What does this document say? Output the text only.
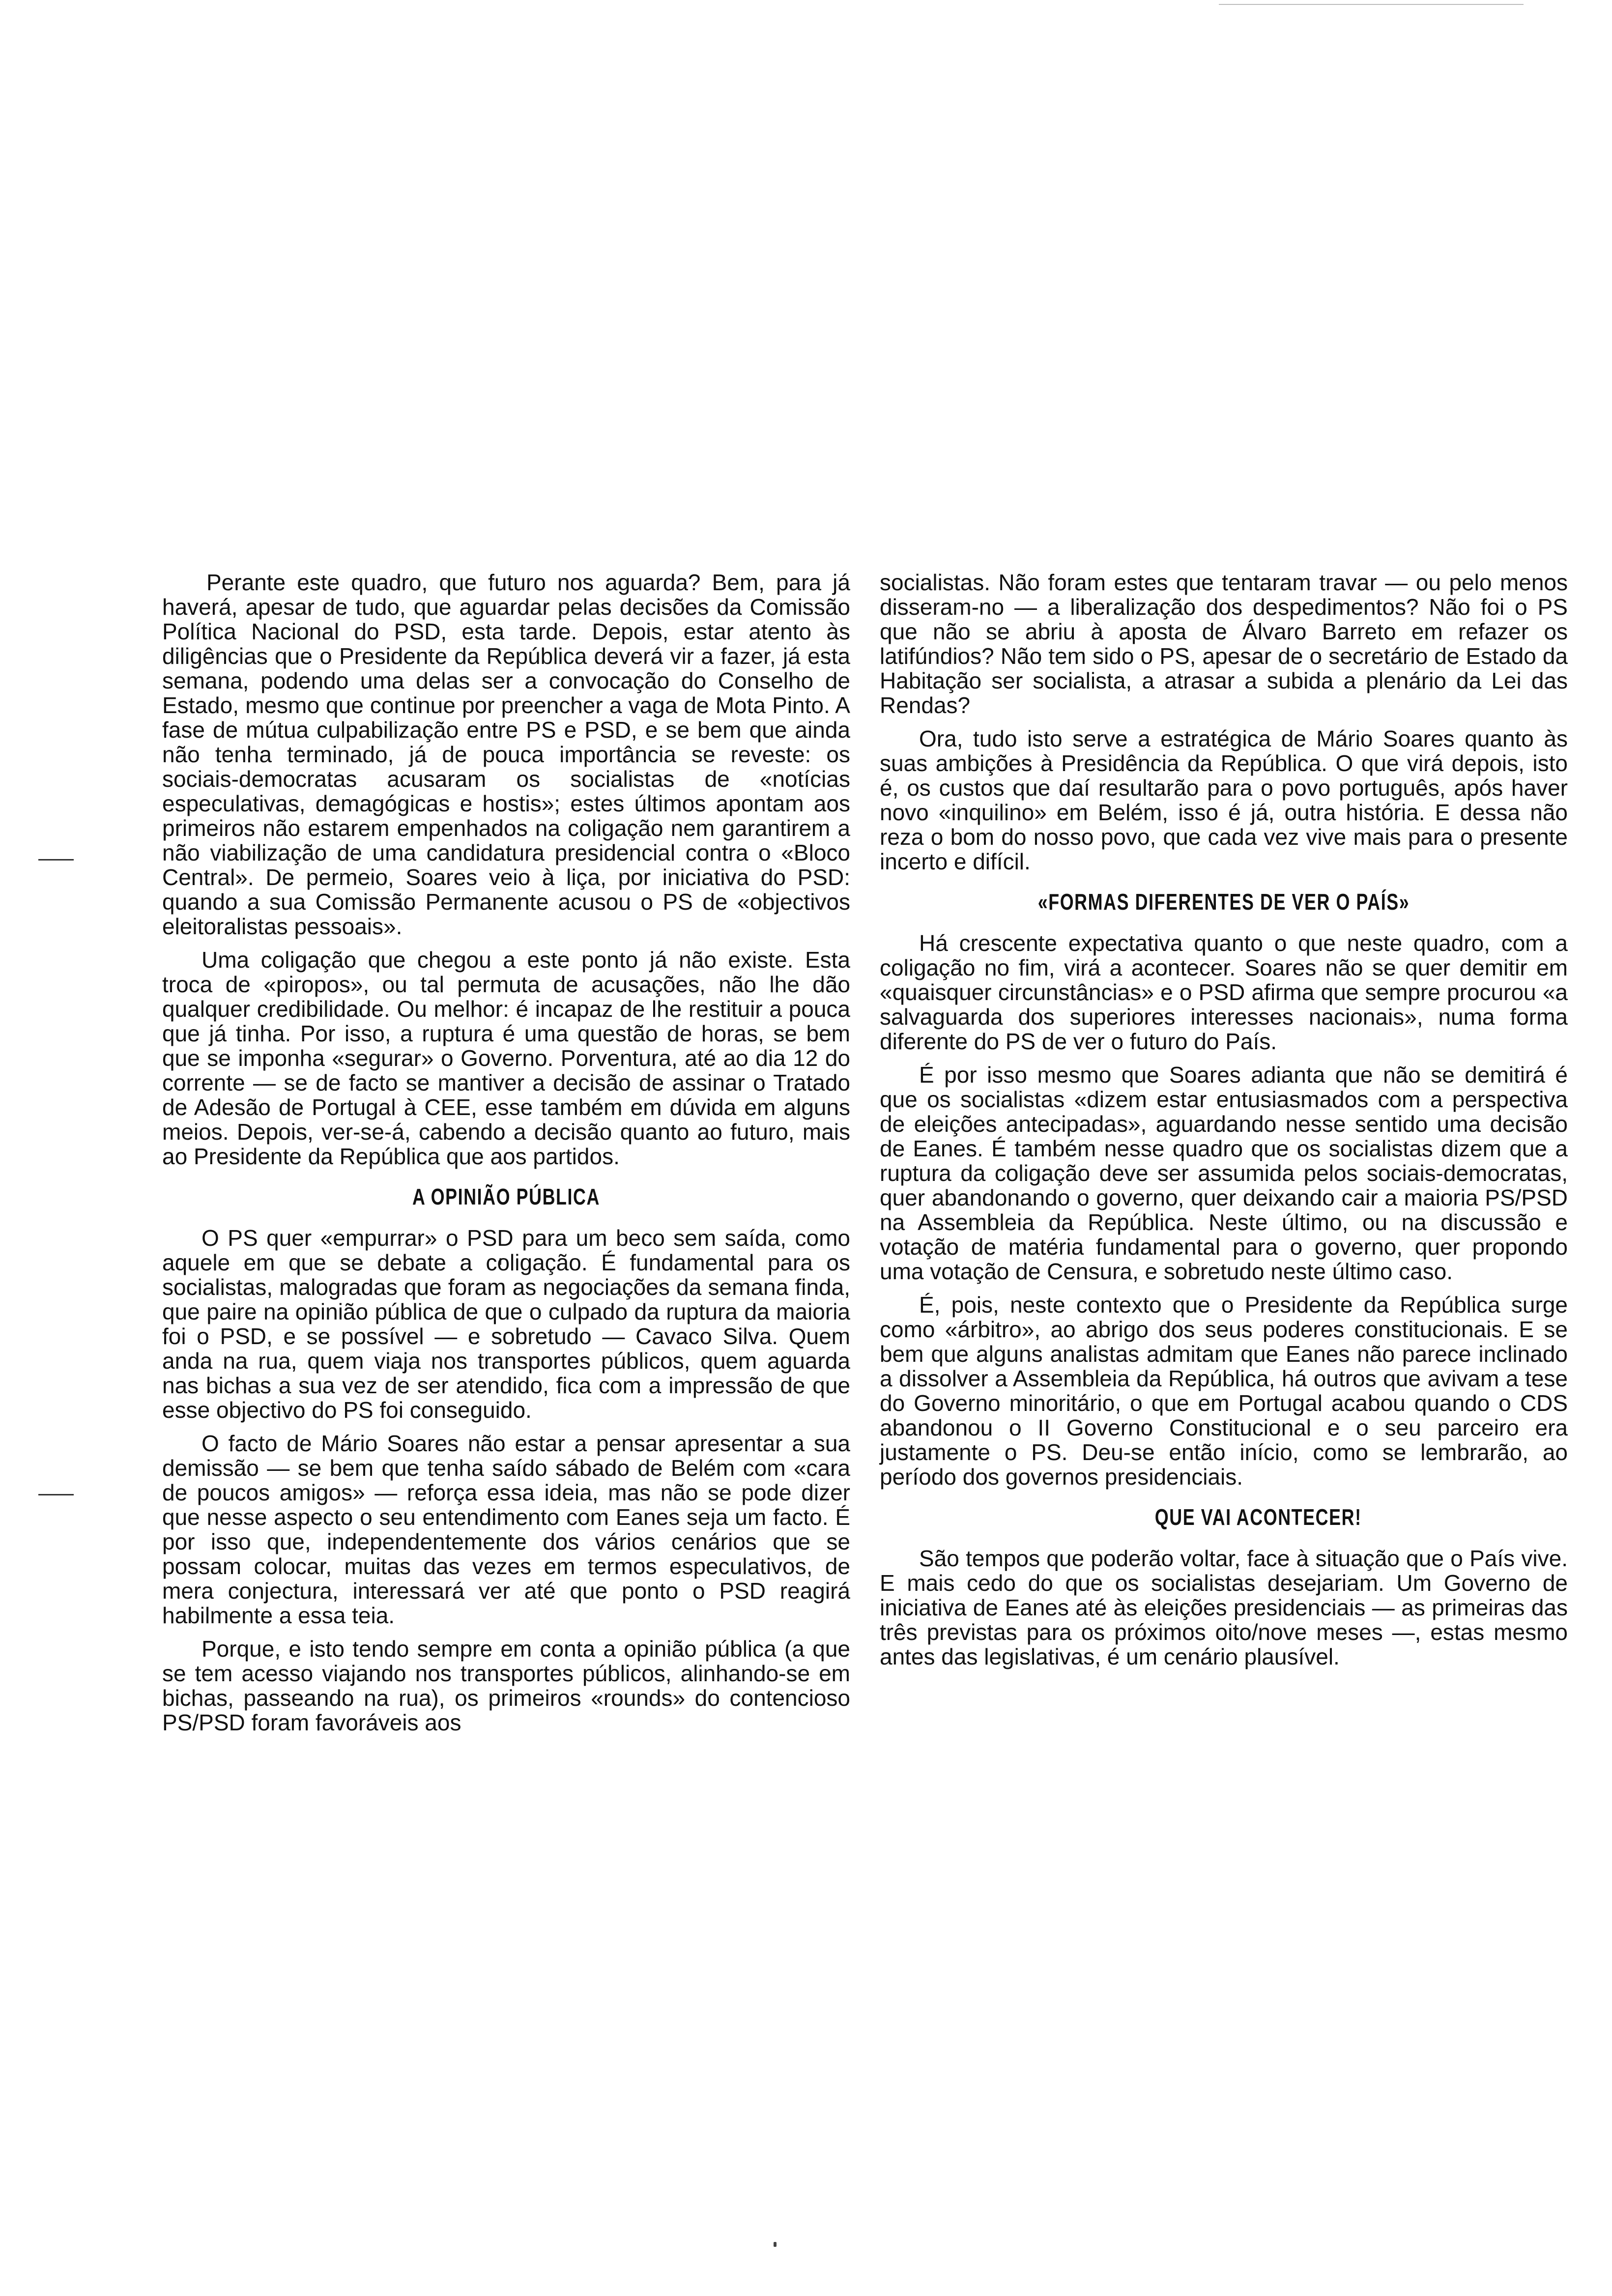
Perante este quadro, que futuro nos aguarda? Bem, para já haverá, apesar de tudo, que aguardar pelas decisões da Comissão Política Nacional do PSD, esta tarde. Depois, estar atento às diligências que o Presidente da República deverá vir a fazer, já esta semana, podendo uma delas ser a convocação do Conselho de Estado, mesmo que continue por preencher a vaga de Mota Pinto. A fase de mútua culpabilização entre PS e PSD, e se bem que ainda não tenha terminado, já de pouca importância se reveste: os sociais-democratas acusaram os socialistas de «notícias especulativas, demagógicas e hostis»; estes últimos apontam aos primeiros não estarem empenhados na coligação nem garantirem a não viabilização de uma candidatura presidencial contra o «Bloco Central». De permeio, Soares veio à liça, por iniciativa do PSD: quando a sua Comissão Permanente acusou o PS de «objectivos eleitoralistas pessoais».

Uma coligação que chegou a este ponto já não existe. Esta troca de «piropos», ou tal permuta de acusações, não lhe dão qualquer credibilidade. Ou melhor: é incapaz de lhe restituir a pouca que já tinha. Por isso, a ruptura é uma questão de horas, se bem que se imponha «segurar» o Governo. Porventura, até ao dia 12 do corrente — se de facto se mantiver a decisão de assinar o Tratado de Adesão de Portugal à CEE, esse também em dúvida em alguns meios. Depois, ver-se-á, cabendo a decisão quanto ao futuro, mais ao Presidente da República que aos partidos.

A OPINIÃO PÚBLICA

O PS quer «empurrar» o PSD para um beco sem saída, como aquele em que se debate a coligação. É fundamental para os socialistas, malogradas que foram as negociações da semana finda, que paire na opinião pública de que o culpado da ruptura da maioria foi o PSD, e se possível — e sobretudo — Cavaco Silva. Quem anda na rua, quem viaja nos transportes públicos, quem aguarda nas bichas a sua vez de ser atendido, fica com a impressão de que esse objectivo do PS foi conseguido.

O facto de Mário Soares não estar a pensar apresentar a sua demissão — se bem que tenha saído sábado de Belém com «cara de poucos amigos» — reforça essa ideia, mas não se pode dizer que nesse aspecto o seu entendimento com Eanes seja um facto. É por isso que, independentemente dos vários cenários que se possam colocar, muitas das vezes em termos especulativos, de mera conjectura, interessará ver até que ponto o PSD reagirá habilmente a essa teia.

Porque, e isto tendo sempre em conta a opinião pública (a que se tem acesso viajando nos transportes públicos, alinhando-se em bichas, passeando na rua), os primeiros «rounds» do contencioso PS/PSD foram favoráveis aos

socialistas. Não foram estes que tentaram travar — ou pelo menos disseram-no — a liberalização dos despedimentos? Não foi o PS que não se abriu à aposta de Álvaro Barreto em refazer os latifúndios? Não tem sido o PS, apesar de o secretário de Estado da Habitação ser socialista, a atrasar a subida a plenário da Lei das Rendas?

Ora, tudo isto serve a estratégica de Mário Soares quanto às suas ambições à Presidência da República. O que virá depois, isto é, os custos que daí resultarão para o povo português, após haver novo «inquilino» em Belém, isso é já, outra história. E dessa não reza o bom do nosso povo, que cada vez vive mais para o presente incerto e difícil.

«FORMAS DIFERENTES DE VER O PAÍS»

Há crescente expectativa quanto o que neste quadro, com a coligação no fim, virá a acontecer. Soares não se quer demitir em «quaisquer circunstâncias» e o PSD afirma que sempre procurou «a salvaguarda dos superiores interesses nacionais», numa forma diferente do PS de ver o futuro do País.

É por isso mesmo que Soares adianta que não se demitirá é que os socialistas «dizem estar entusiasmados com a perspectiva de eleições antecipadas», aguardando nesse sentido uma decisão de Eanes. É também nesse quadro que os socialistas dizem que a ruptura da coligação deve ser assumida pelos sociais-democratas, quer abandonando o governo, quer deixando cair a maioria PS/PSD na Assembleia da República. Neste último, ou na discussão e votação de matéria fundamental para o governo, quer propondo uma votação de Censura, e sobretudo neste último caso.

É, pois, neste contexto que o Presidente da República surge como «árbitro», ao abrigo dos seus poderes constitucionais. E se bem que alguns analistas admitam que Eanes não parece inclinado a dissolver a Assembleia da República, há outros que avivam a tese do Governo minoritário, o que em Portugal acabou quando o CDS abandonou o II Governo Constitucional e o seu parceiro era justamente o PS. Deu-se então início, como se lembrarão, ao período dos governos presidenciais.

QUE VAI ACONTECER!

São tempos que poderão voltar, face à situação que o País vive. E mais cedo do que os socialistas desejariam. Um Governo de iniciativa de Eanes até às eleições presidenciais — as primeiras das três previstas para os próximos oito/nove meses —, estas mesmo antes das legislativas, é um cenário plausível.
